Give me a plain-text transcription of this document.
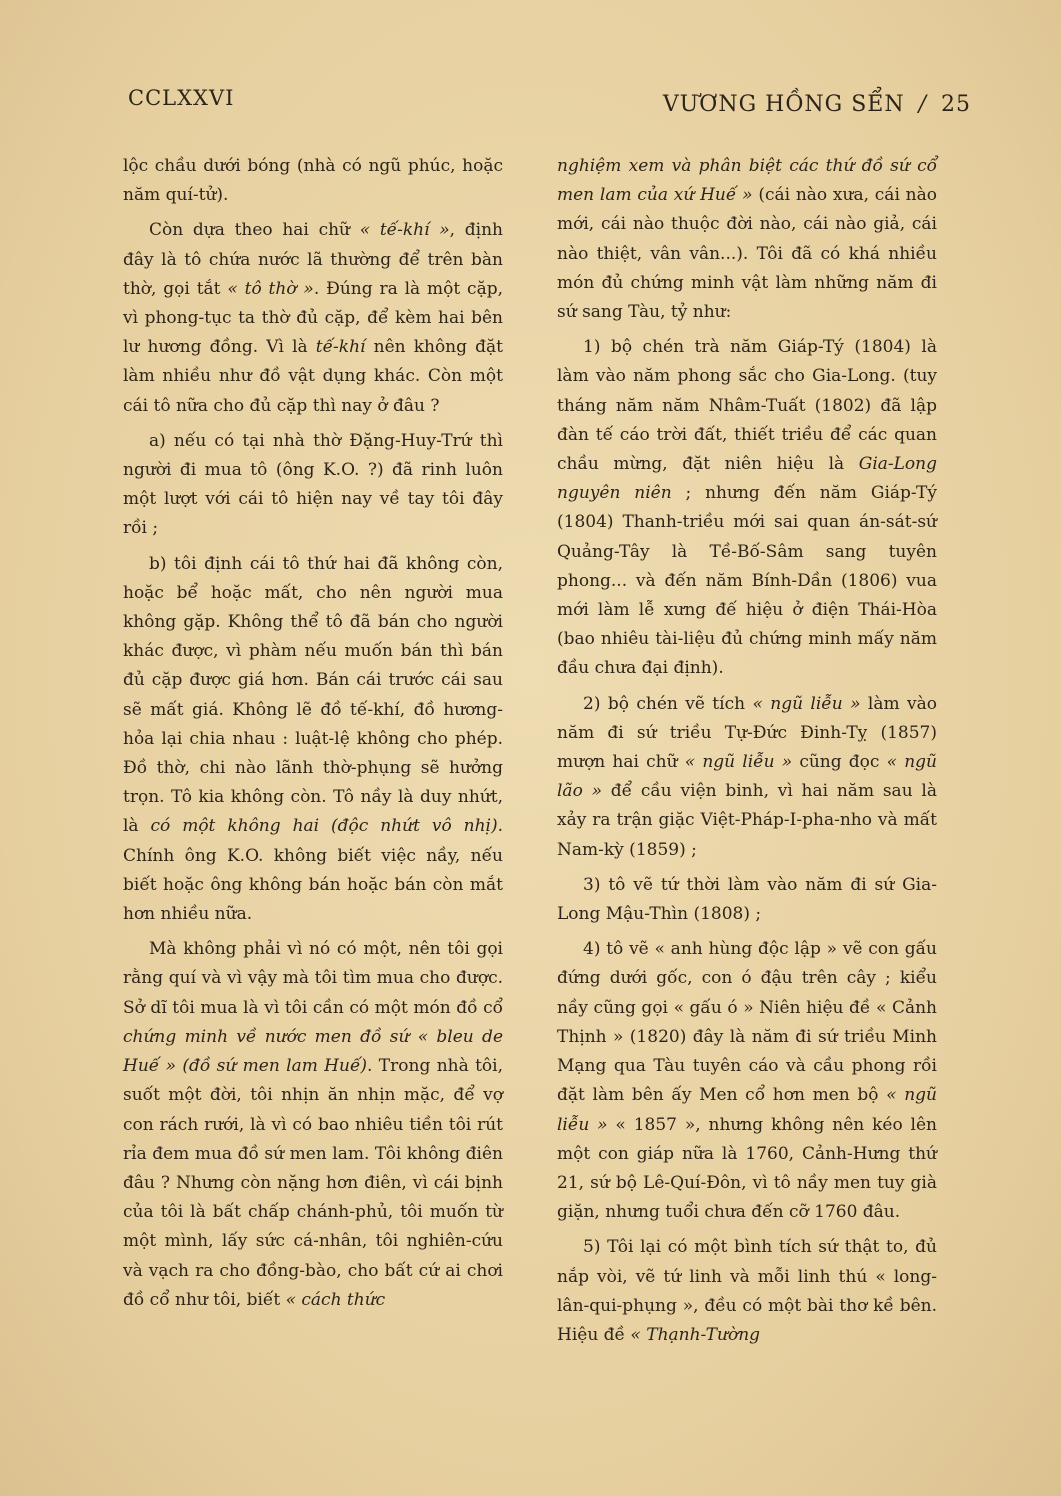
CCLXXVI	VƯƠNG HỒNG SỂN / 25

lộc chầu dưới bóng (nhà có ngũ phúc, hoặc năm quí-tử).

Còn dựa theo hai chữ « tế-khí », định đây là tô chứa nước lã thường để trên bàn thờ, gọi tắt « tô thờ ». Đúng ra là một cặp, vì phong-tục ta thờ đủ cặp, để kèm hai bên lư hương đồng. Vì là tế-khí nên không đặt làm nhiều như đồ vật dụng khác. Còn một cái tô nữa cho đủ cặp thì nay ở đâu ?

a) nếu có tại nhà thờ Đặng-Huy-Trứ thì người đi mua tô (ông K.O. ?) đã rinh luôn một lượt với cái tô hiện nay về tay tôi đây rồi ;

b) tôi định cái tô thứ hai đã không còn, hoặc bể hoặc mất, cho nên người mua không gặp. Không thể tô đã bán cho người khác được, vì phàm nếu muốn bán thì bán đủ cặp được giá hơn. Bán cái trước cái sau sẽ mất giá. Không lẽ đồ tế-khí, đồ hương-hỏa lại chia nhau : luật-lệ không cho phép. Đồ thờ, chi nào lãnh thờ-phụng sẽ hưởng trọn. Tô kia không còn. Tô nầy là duy nhứt, là có một không hai (độc nhứt vô nhị). Chính ông K.O. không biết việc nầy, nếu biết hoặc ông không bán hoặc bán còn mắt hơn nhiều nữa.

Mà không phải vì nó có một, nên tôi gọi rằng quí và vì vậy mà tôi tìm mua cho được. Sở dĩ tôi mua là vì tôi cần có một món đồ cổ chứng minh về nước men đồ sứ « bleu de Huế » (đồ sứ men lam Huế). Trong nhà tôi, suốt một đời, tôi nhịn ăn nhịn mặc, để vợ con rách rưới, là vì có bao nhiêu tiền tôi rút rỉa đem mua đồ sứ men lam. Tôi không điên đâu ? Nhưng còn nặng hơn điên, vì cái bịnh của tôi là bất chấp chánh-phủ, tôi muốn từ một mình, lấy sức cá-nhân, tôi nghiên-cứu và vạch ra cho đồng-bào, cho bất cứ ai chơi đồ cổ như tôi, biết « cách thức

nghiệm xem và phân biệt các thứ đồ sứ cổ men lam của xứ Huế » (cái nào xưa, cái nào mới, cái nào thuộc đời nào, cái nào giả, cái nào thiệt, vân vân...). Tôi đã có khá nhiều món đủ chứng minh vật làm những năm đi sứ sang Tàu, tỷ như:

1) bộ chén trà năm Giáp-Tý (1804) là làm vào năm phong sắc cho Gia-Long. (tuy tháng năm năm Nhâm-Tuất (1802) đã lập đàn tế cáo trời đất, thiết triều để các quan chầu mừng, đặt niên hiệu là Gia-Long nguyên niên ; nhưng đến năm Giáp-Tý (1804) Thanh-triều mới sai quan án-sát-sứ Quảng-Tây là Tề-Bố-Sâm sang tuyên phong... và đến năm Bính-Dần (1806) vua mới làm lễ xưng đế hiệu ở điện Thái-Hòa (bao nhiêu tài-liệu đủ chứng minh mấy năm đầu chưa đại định).

2) bộ chén vẽ tích « ngũ liễu » làm vào năm đi sứ triều Tự-Đức Đinh-Tỵ (1857) mượn hai chữ « ngũ liễu » cũng đọc « ngũ lão » để cầu viện binh, vì hai năm sau là xảy ra trận giặc Việt-Pháp-I-pha-nho và mất Nam-kỳ (1859) ;

3) tô vẽ tứ thời làm vào năm đi sứ Gia-Long Mậu-Thìn (1808) ;

4) tô vẽ « anh hùng độc lập » vẽ con gấu đứng dưới gốc, con ó đậu trên cây ; kiểu nầy cũng gọi « gấu ó » Niên hiệu đề « Cảnh Thịnh » (1820) đây là năm đi sứ triều Minh Mạng qua Tàu tuyên cáo và cầu phong rồi đặt làm bên ấy Men cổ hơn men bộ « ngũ liễu » « 1857 », nhưng không nên kéo lên một con giáp nữa là 1760, Cảnh-Hưng thứ 21, sứ bộ Lê-Quí-Đôn, vì tô nầy men tuy già giặn, nhưng tuổi chưa đến cỡ 1760 đâu.

5) Tôi lại có một bình tích sứ thật to, đủ nắp vòi, vẽ tứ linh và mỗi linh thú « long-lân-qui-phụng », đều có một bài thơ kề bên. Hiệu đề « Thạnh-Tường
